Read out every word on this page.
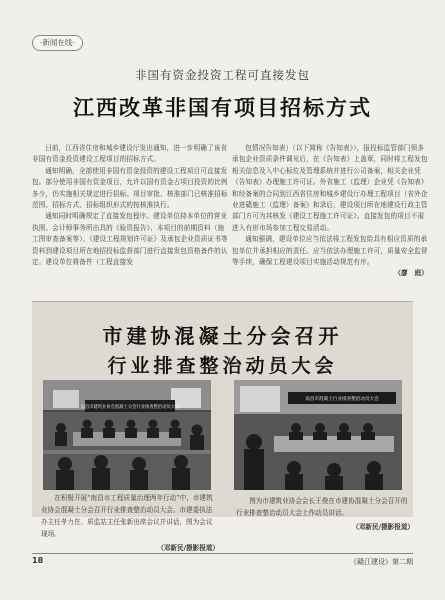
·新闻在线·
非国有资金投资工程可直接发包
江西改革非国有项目招标方式

日前，江西省住房和城乡建设厅发出通知，进一步明确了该省非国有资金投资建设工程项目的招标方式。

通知明确，全部使用非国有资金投资的建设工程项目可直接发包。部分使用非国有资金项目，允许以国有资金占项目投资的比例多少，仍实施相关规定进行招标。项目审批、核准部门已核准招标范围、招标方式、招标组织形式的按核准执行。

通知同时明确规定了直接发包程序。建设单位持本单位的营业执照、会计师事务所出具的《验资报告》、本项目的前期资料（施工图审查备案等）、《建设工程规划许可证》及承包企业资质证书等资料到建设项目所在地招投标监督部门进行直接发包资格备件的认定。建设单位将备件（工程直接发

包情况告知表）（以下简称《告知表》），报投标监管部门领多承包企业资质条件调见后，在《告知表》上盖章，同时将工程发包相关信息及入中心标位及管理系统并进行公司备案，相关企业凭《告知表》办理施工许可证。外省施工（监理）企业凭《告知表》和经备案的合同到江西省住房和城乡建设厅办理工程项目（省外企业进赣施工（监理）备案》和录后，建设项目所在地建设行政主管部门方可为其核发《建设工程施工许可证》。直接发包的项目不需进入有形市场参加工程交易活动。

通知强调，建设单位应当依法将工程发包给具有相应资质的承包单位并承担相应的责任。应当依法办理施工许可，质量安全监督等手续，确保工程建设项目实施活动规范有序。

（廖　庭）
市建协混凝土分会召开
行业排查整治动员大会
南昌市建筑业协会混凝土分会行业排查整治动员大会
南昌市混凝土行业排查整治动员大会

在积极开展“南昌市工程质量治理两年行动”中，市建筑业协会混凝土分会召开行业排查整治动员大会。市建委执法办主任孝力在、质监站主任张新出席会议并讲话，图为会议现场。

（邓新民/摄影报道）

图为市建筑业协会会长王俊在市建协混凝土分会召开的行业排查整治动员大会上作动员讲话。

（邓新民/摄影报道）
18	《赣江建设》第二期
